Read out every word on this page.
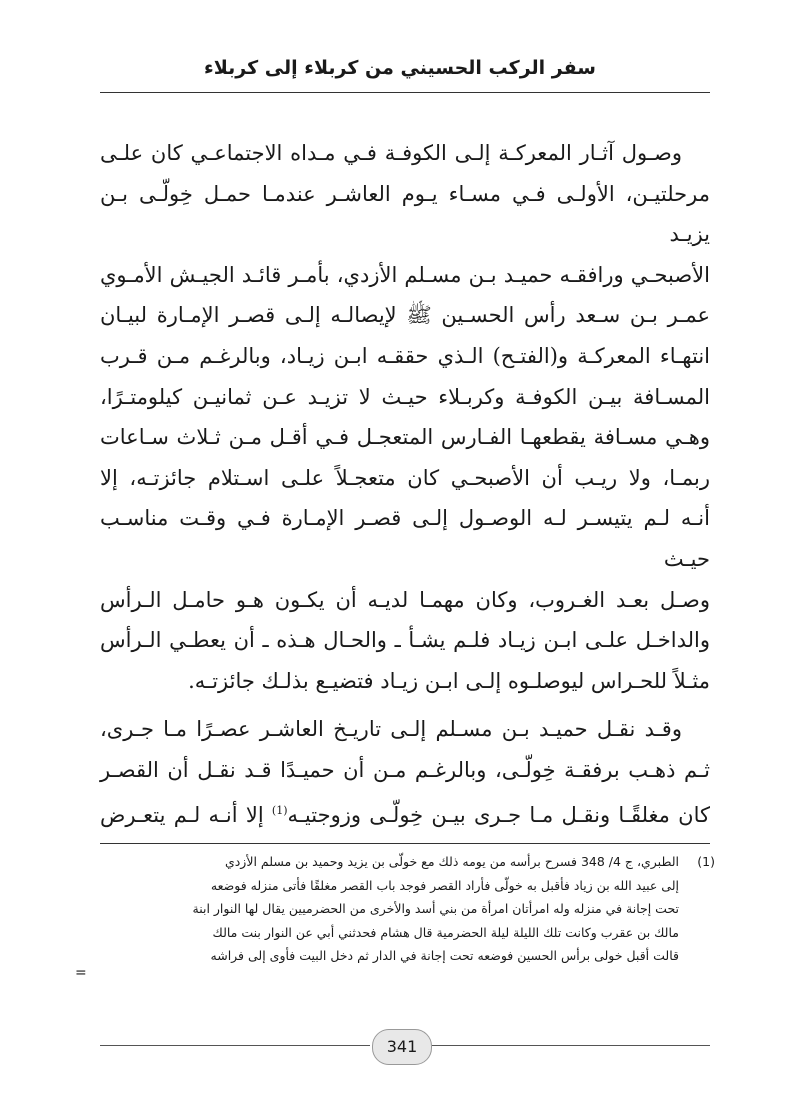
سفر الركب الحسيني من كربلاء إلى كربلاء

وصـول آثـار المعركـة إلـى الكوفـة فـي مـداه الاجتماعـي كان علـى
مرحلتيـن، الأولـى فـي مسـاء يـوم العاشـر عندمـا حمـل خِولّـى بـن يزيـد
الأصبحـي ورافقـه حميـد بـن مسـلم الأزدي، بأمـر قائـد الجيـش الأمـوي
عمـر بـن سـعد رأس الحسـين ﷺ لإيصالـه إلـى قصـر الإمـارة لبيـان
انتهـاء المعركـة و(الفتـح) الـذي حققـه ابـن زيـاد، وبالرغـم مـن قـرب
المسـافة بيـن الكوفـة وكربـلاء حيـث لا تزيـد عـن ثمانيـن كيلومتـرًا،
وهـي مسـافة يقطعهـا الفـارس المتعجـل فـي أقـل مـن ثـلاث سـاعات
ربمـا، ولا ريـب أن الأصبحـي كان متعجـلاً علـى اسـتلام جائزتـه، إلا
أنـه لـم يتيسـر لـه الوصـول إلـى قصـر الإمـارة فـي وقـت مناسـب حيـث
وصـل بعـد الغـروب، وكان مهمـا لديـه أن يكـون هـو حامـل الـرأس
والداخـل علـى ابـن زيـاد فلـم يشـأ ـ والحـال هـذه ـ أن يعطـي الـرأس
مثـلاً للحـراس ليوصلـوه إلـى ابـن زيـاد فتضيـع بذلـك جائزتـه.

وقـد نقـل حميـد بـن مسـلم إلـى تاريـخ العاشـر عصـرًا مـا جـرى،
ثـم ذهـب برفقـة خِولّـى، وبالرغـم مـن أن حميـدًا قـد نقـل أن القصـر
كان مغلقًـا ونقـل مـا جـرى بيـن خِولّـى وزوجتيـه$^{(1)}$ إلا أنـه لـم يتعـرض

(1)
الطبري، ج 4/ 348 فسرح برأسه من يومه ذلك مع خولّى بن يزيد وحميد بن مسلم الأزدي
إلى عبيد الله بن زياد فأقبل به خولّى فأراد القصر فوجد باب القصر مغلقًا فأتى منزله فوضعه
تحت إجانة في منزله وله امرأتان امرأة من بني أسد والأخرى من الحضرميين يقال لها النوار ابنة
مالك بن عقرب وكانت تلك الليلة ليلة الحضرمية قال هشام فحدثني أبي عن النوار بنت مالك
قالت أقبل خولى برأس الحسين فوضعه تحت إجانة في الدار ثم دخل البيت فأوى إلى فراشه
=
341
